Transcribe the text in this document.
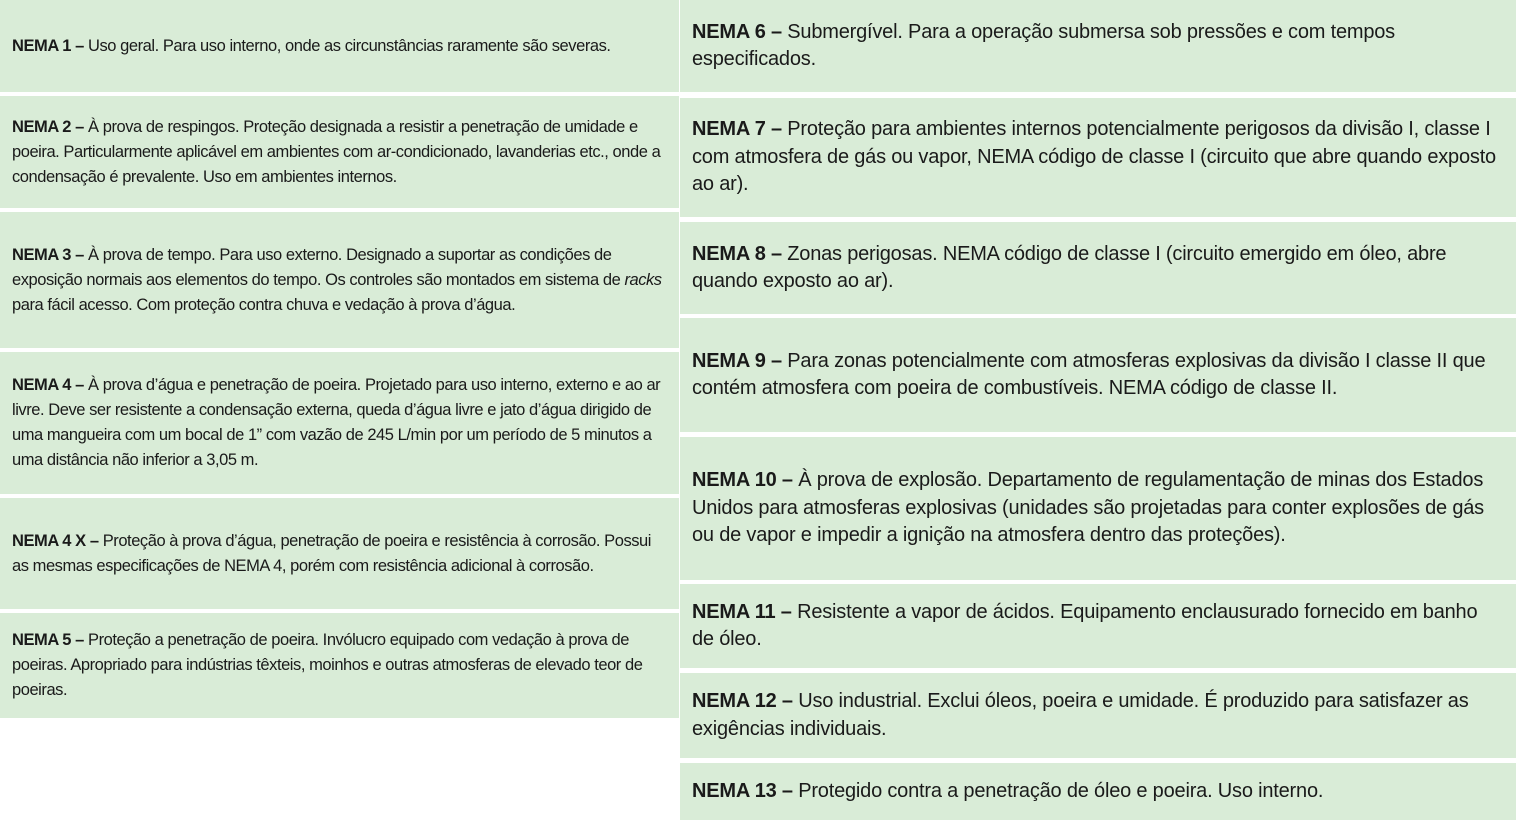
NEMA 1 – Uso geral. Para uso interno, onde as circunstâncias raramente são severas.

NEMA 2 – À prova de respingos. Proteção designada a resistir a penetração de umidade e poeira. Particularmente aplicável em ambientes com ar-condicionado, lavanderias etc., onde a condensação é prevalente. Uso em ambientes internos.

NEMA 3 – À prova de tempo. Para uso externo. Designado a suportar as condições de exposição normais aos elementos do tempo. Os controles são montados em sistema de racks para fácil acesso. Com proteção contra chuva e vedação à prova d’água.

NEMA 4 – À prova d’água e penetração de poeira. Projetado para uso interno, externo e ao ar livre. Deve ser resistente a condensação externa, queda d’água livre e jato d’água dirigido de uma mangueira com um bocal de 1” com vazão de 245 L/min por um período de 5 minutos a uma distância não inferior a 3,05 m.

NEMA 4 X – Proteção à prova d’água, penetração de poeira e resistência à corrosão. Possui as mesmas especificações de NEMA 4, porém com resistência adicional à corrosão.

NEMA 5 – Proteção a penetração de poeira. Invólucro equipado com vedação à prova de poeiras. Apropriado para indústrias têxteis, moinhos e outras atmosferas de elevado teor de poeiras.

NEMA 6 – Submergível. Para a operação submersa sob pressões e com tempos especificados.

NEMA 7 – Proteção para ambientes internos potencialmente perigosos da divisão I, classe I com atmosfera de gás ou vapor, NEMA código de classe I (circuito que abre quando exposto ao ar).

NEMA 8 – Zonas perigosas. NEMA código de classe I (circuito emergido em óleo, abre quando exposto ao ar).

NEMA 9 – Para zonas potencialmente com atmosferas explosivas da divisão I classe II que contém atmosfera com poeira de combustíveis. NEMA código de classe II.

NEMA 10 – À prova de explosão. Departamento de regulamentação de minas dos Estados Unidos para atmosferas explosivas (unidades são projetadas para conter explosões de gás ou de vapor e impedir a ignição na atmosfera dentro das proteções).

NEMA 11 – Resistente a vapor de ácidos. Equipamento enclausurado fornecido em banho de óleo.

NEMA 12 – Uso industrial. Exclui óleos, poeira e umidade. É produzido para satisfazer as exigências individuais.

NEMA 13 – Protegido contra a penetração de óleo e poeira. Uso interno.
